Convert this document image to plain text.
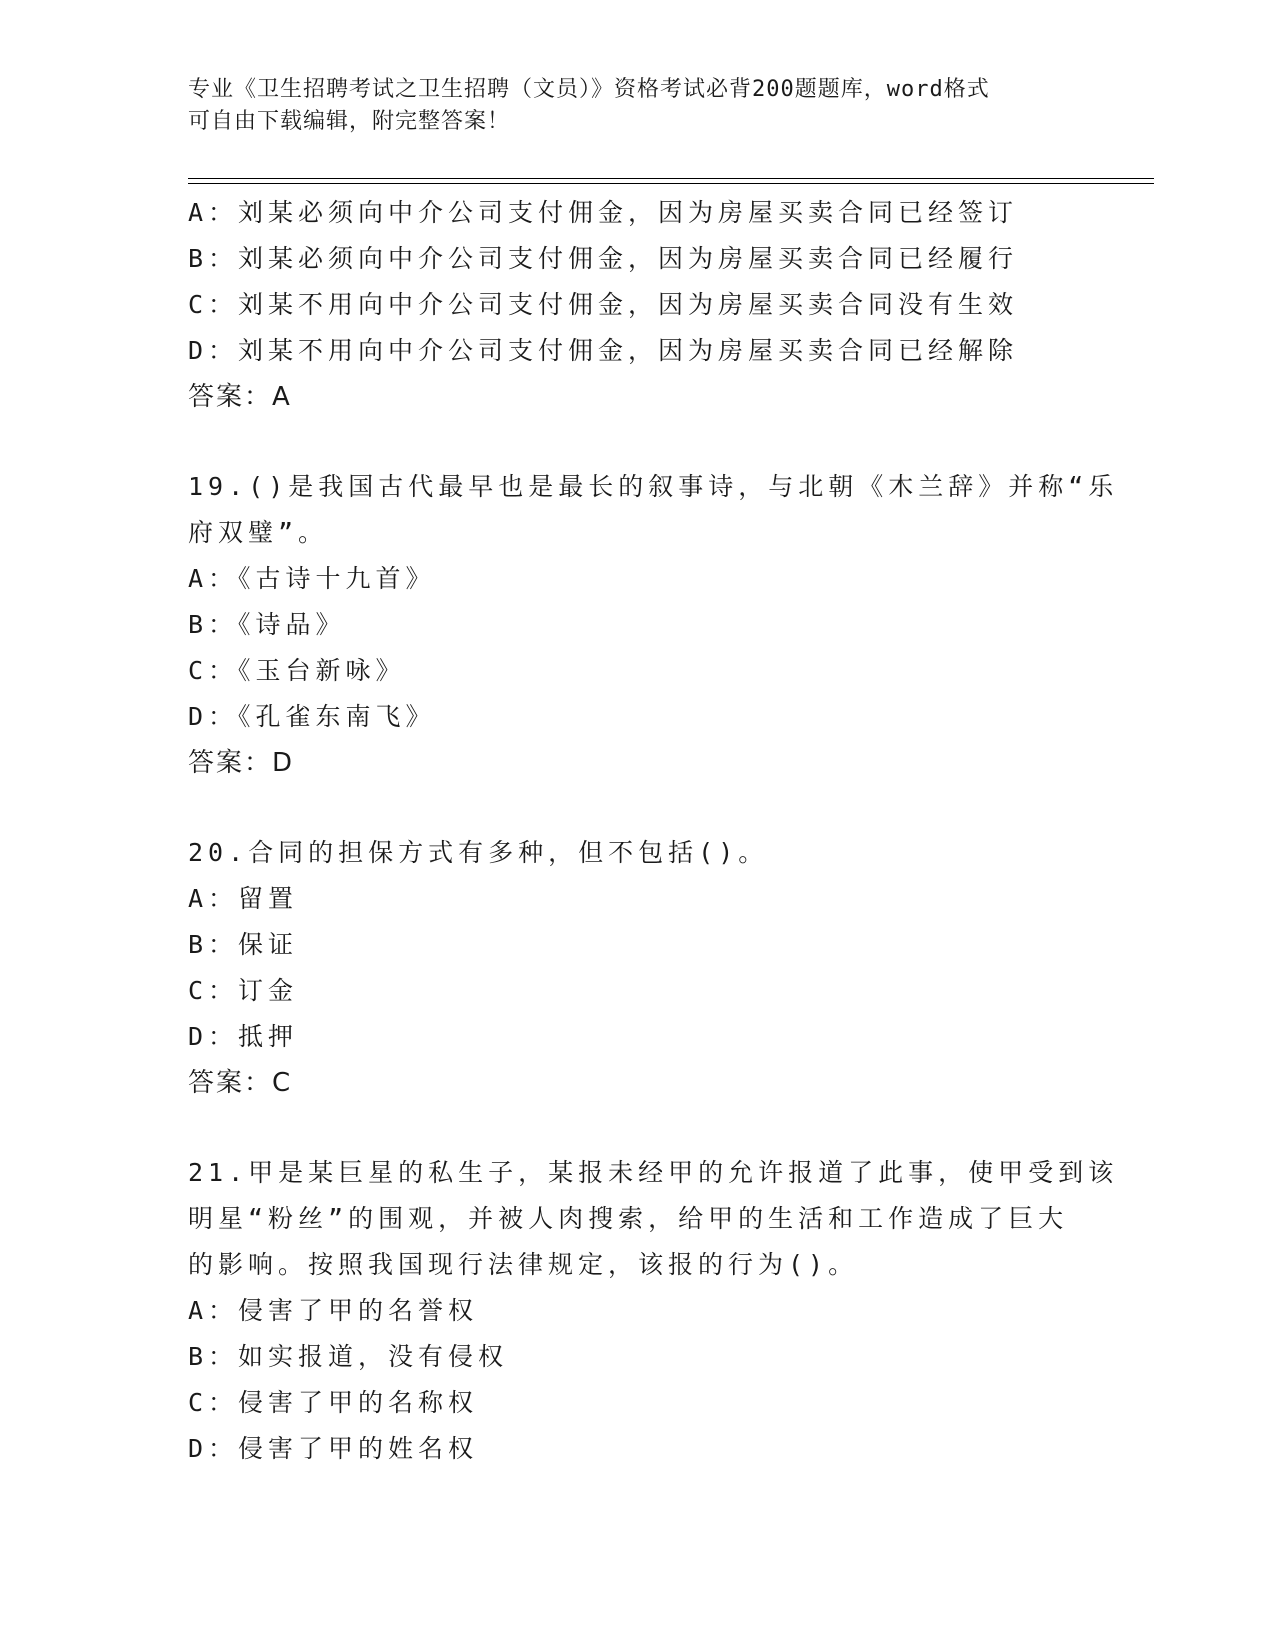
专业《卫生招聘考试之卫生招聘（文员）》资格考试必背200题题库，word格式
可自由下载编辑，附完整答案！
A：刘某必须向中介公司支付佣金，因为房屋买卖合同已经签订
B：刘某必须向中介公司支付佣金，因为房屋买卖合同已经履行
C：刘某不用向中介公司支付佣金，因为房屋买卖合同没有生效
D：刘某不用向中介公司支付佣金，因为房屋买卖合同已经解除
答案：A
19.()是我国古代最早也是最长的叙事诗，与北朝《木兰辞》并称“乐
府双璧”。
A：《古诗十九首》
B：《诗品》
C：《玉台新咏》
D：《孔雀东南飞》
答案：D
20.合同的担保方式有多种，但不包括()。
A：留置
B：保证
C：订金
D：抵押
答案：C
21.甲是某巨星的私生子，某报未经甲的允许报道了此事，使甲受到该
明星“粉丝”的围观，并被人肉搜索，给甲的生活和工作造成了巨大
的影响。按照我国现行法律规定，该报的行为()。
A：侵害了甲的名誉权
B：如实报道，没有侵权
C：侵害了甲的名称权
D：侵害了甲的姓名权
